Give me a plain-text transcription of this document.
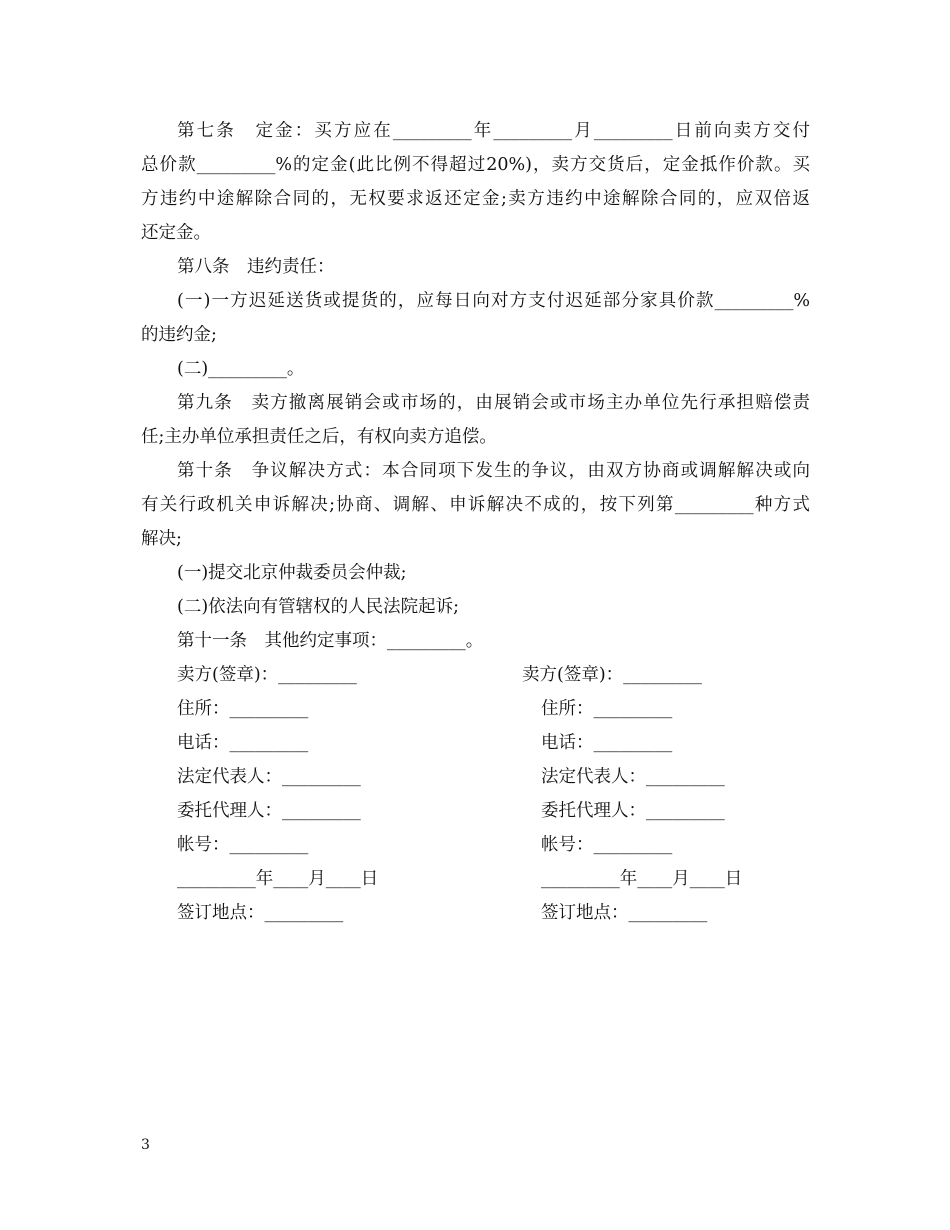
第七条　定金：买方应在_________年_________月_________日前向卖方交付
总价款_________%的定金(此比例不得超过20%)，卖方交货后，定金抵作价款。买
方违约中途解除合同的，无权要求返还定金;卖方违约中途解除合同的，应双倍返
还定金。
第八条　违约责任：
(一)一方迟延送货或提货的，应每日向对方支付迟延部分家具价款_________%
的违约金;
(二)_________。
第九条　卖方撤离展销会或市场的，由展销会或市场主办单位先行承担赔偿责
任;主办单位承担责任之后，有权向卖方追偿。
第十条　争议解决方式：本合同项下发生的争议，由双方协商或调解解决或向
有关行政机关申诉解决;协商、调解、申诉解决不成的，按下列第_________种方式
解决;
(一)提交北京仲裁委员会仲裁;
(二)依法向有管辖权的人民法院起诉;
第十一条　其他约定事项：_________。
卖方(签章)：_________
住所：_________
电话：_________
法定代表人：_________
委托代理人：_________
帐号：_________
_________年____月____日
签订地点：_________
卖方(签章)：_________
住所：_________
电话：_________
法定代表人：_________
委托代理人：_________
帐号：_________
_________年____月____日
签订地点：_________
3
